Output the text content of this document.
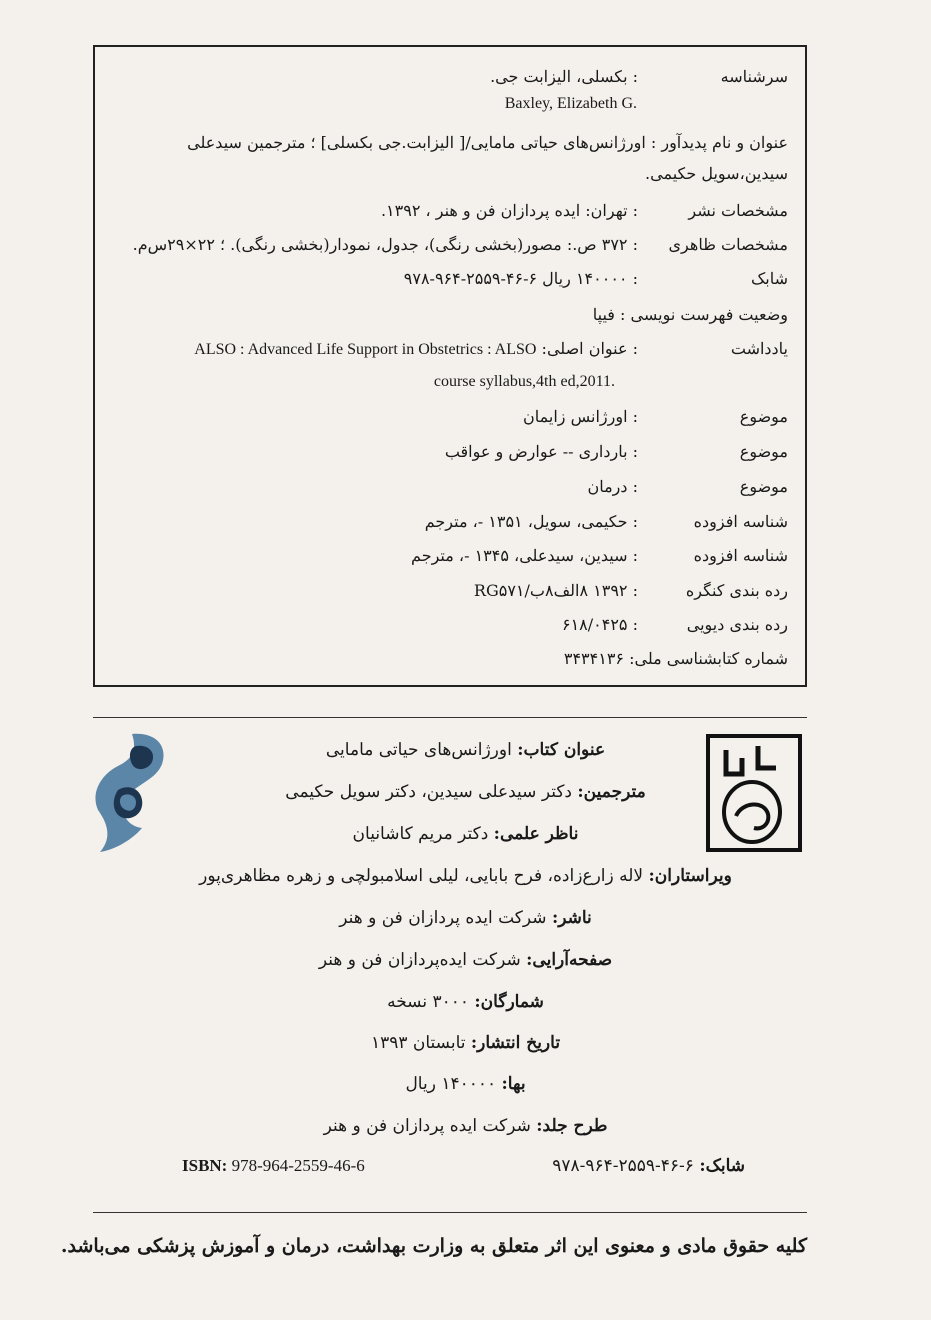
سرشناسه
: بکسلی، الیزابت جی.
Baxley, Elizabeth G.
عنوان و نام پدیدآور : اورژانس‌های حیاتی مامایی/[ الیزابت.جی بکسلی] ؛ مترجمین سیدعلی
سیدین،سویل حکیمی.
مشخصات نشر
: تهران: ایده پردازان فن و هنر ، ۱۳۹۲.
مشخصات ظاهری
: ۳۷۲ ص.: مصور(بخشی رنگی)، جدول، نمودار(بخشی رنگی). ؛ ۲۲×۲۹س‌م.
شابک
: ۱۴۰۰۰۰ ریال ۶-۴۶-۲۵۵۹-۹۶۴-۹۷۸
وضعیت فهرست نویسی : فیپا
یادداشت
: عنوان اصلی: ALSO : Advanced Life Support in Obstetrics : ALSO
course syllabus,4th ed,2011.
موضوع
: اورژانس زایمان
موضوع
: بارداری -- عوارض و عواقب
موضوع
: درمان
شناسه افزوده
: حکیمی، سویل، ۱۳۵۱ -، مترجم
شناسه افزوده
: سیدین، سیدعلی، ۱۳۴۵ -، مترجم
رده بندی کنگره
: ۱۳۹۲ ۸الف۸ب/RG۵۷۱
رده بندی دیویی
: ۶۱۸/۰۴۲۵
شماره کتابشناسی ملی: ۳۴۳۴۱۳۶
عنوان کتاب: اورژانس‌های حیاتی مامایی
مترجمین: دکتر سیدعلی سیدین، دکتر سویل حکیمی
ناظر علمی: دکتر مریم کاشانیان
ویراستاران: لاله زارع‌زاده، فرح بابایی، لیلی اسلامبولچی و زهره مظاهری‌پور
ناشر: شرکت ایده پردازان فن و هنر
صفحه‌آرایی: شرکت ایده‌پردازان فن و هنر
شمارگان: ۳۰۰۰ نسخه
تاریخ انتشار: تابستان ۱۳۹۳
بها: ۱۴۰۰۰۰ ریال
طرح جلد: شرکت ایده پردازان فن و هنر
ISBN: 978-964-2559-46-6	شابک: ۶-۴۶-۲۵۵۹-۹۶۴-۹۷۸
کلیه حقوق مادی و معنوی این اثر متعلق به وزارت بهداشت، درمان و آموزش پزشکی می‌باشد.
